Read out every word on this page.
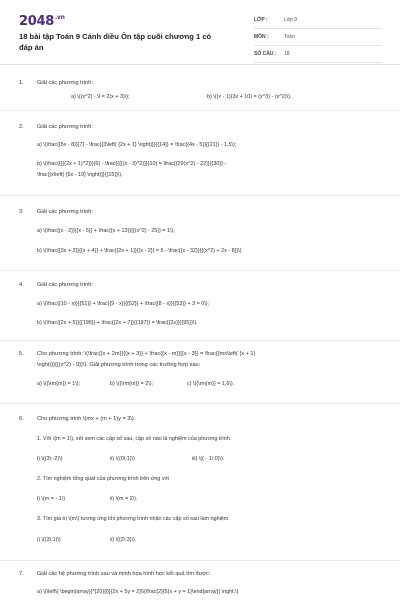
$2048^{.vn}$
18 bài tập Toán 9 Cánh diều Ôn tập cuối chương 1 có đáp án
LỚP :	Lớp 9
MÔN :	Toán
SỐ CÂU :	18
1. Giải các phương trình:
a) \((x^2) - 9 = 2(x + 3)\);	b) \((x - 1)(3x + 10) = (x^3) - (x^2)\).
2. Giải các phương trình:
a) \(\frac{{5x - 8}}{7} - \frac{{3\left( {2x + 1} \right)}}{{14}} = \frac{{4x - 5}}{{21}} - 1,5\);
b) \(\frac{{{{(2x + 1)^2}}}{6} - \frac{{{{(x - 3)^2}}}{10} = \frac{{29(x^2) - 22}}{{30}} -
\frac{{x\left( {6x - 19} \right)}}{{15}}\).
3. Giải các phương trình:
a) \(\frac{{x - 2}}{{x - 5}} + \frac{{x + 13}}{{(x^2) - 25}} = 1\);
b) \(\frac{{3x + 2}}{{x + 4}} + \frac{{2x + 1}}{{x - 2}} = 5 - \frac{{x - 32}}{{(x^2) + 2x - 8}}\)
4. Giải các phương trình:
a) \(\frac{{10 - x}}{{51}} + \frac{{9 - x}}{{52}} + \frac{{8 - x}}{{53}} + 3 = 0\);
b) \(\frac{{2x + 5}}{{195}} + \frac{{2x + 7}}{{197}} = \frac{{2x}}{{95}}\).
5. Cho phương trình: \(\frac{{x + 2m}}{{x + 3}} + \frac{{x - m}}{{x - 3}} = \frac{{mx\left( {x + 1}
\right)}}{{(x^2) - 9}}\). Giải phương trình trong các trường hợp sau:
a) \({\rm{m}} = 1\);	b) \({\rm{m}} = 2\);	c) \({\rm{m}} = 1,6\).
6. Cho phương trình \(mx + (m + 1)y = 3\).
1. Với \(m = 1\), xét xem các cặp số sau, cặp số nào là nghiệm của phương trình.
i) \((3\;-2)\)	ii) \((0\;1)\)	iii) \(( - 1\;0)\).
2. Tìm nghiệm tổng quát của phương trình trên ứng với
i) \(m = - 1\)	ii) \(m = 2\).
3. Tìm giá trị \(m\) tương ứng khi phương trình nhận các cặp số sau làm nghiệm.
i) \((3\;1)\)	ii) \((2\;3)\).
7. Giải các hệ phương trình sau và minh họa hình học kết quả tìm được:
a) \(\left\{ \begin{array}{*{20}{l}}{2x + 5y = 2}\\{\frac{2}{5}x + y = 1}\end{array}} \right.\)
